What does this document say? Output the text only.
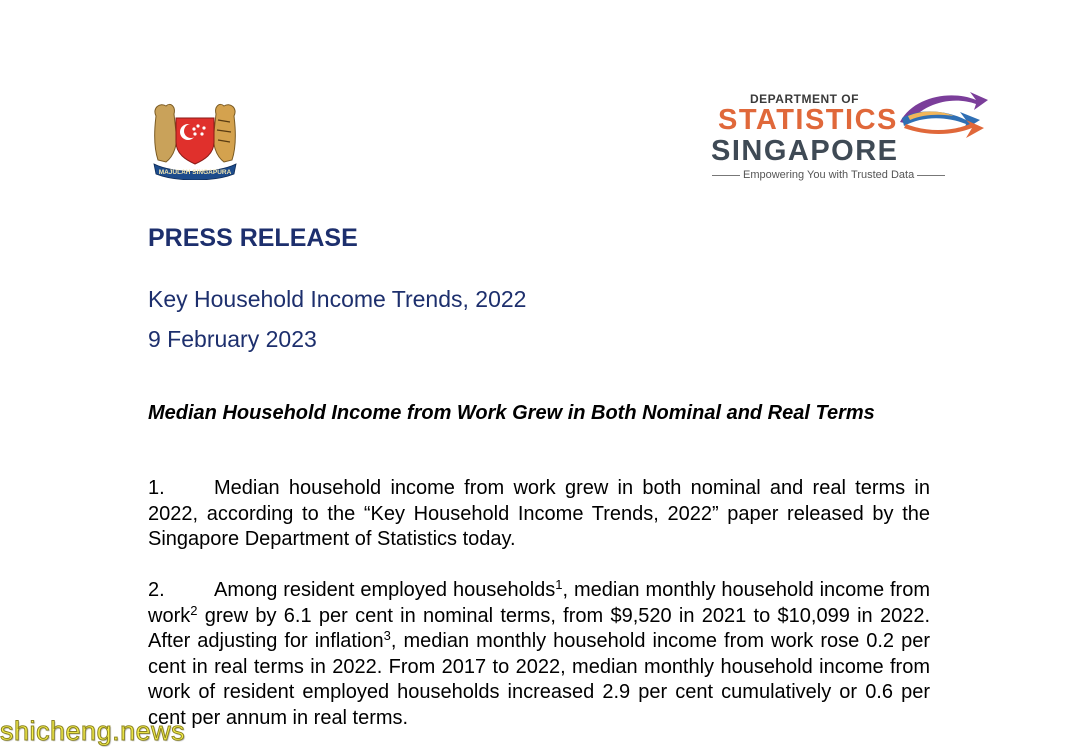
MAJULAH SINGAPURA
DEPARTMENT OF
STATISTICS
SINGAPORE
Empowering You with Trusted Data
PRESS RELEASE
Key Household Income Trends, 2022
9 February 2023
Median Household Income from Work Grew in Both Nominal and Real Terms
1. Median household income from work grew in both nominal and real terms in 2022, according to the “Key Household Income Trends, 2022” paper released by the Singapore Department of Statistics today.
2. Among resident employed households$^1$, median monthly household income from work$^2$ grew by 6.1 per cent in nominal terms, from $9,520 in 2021 to $10,099 in 2022. After adjusting for inflation$^3$, median monthly household income from work rose 0.2 per cent in real terms in 2022. From 2017 to 2022, median monthly household income from work of resident employed households increased 2.9 per cent cumulatively or 0.6 per cent per annum in real terms.
shicheng.news
